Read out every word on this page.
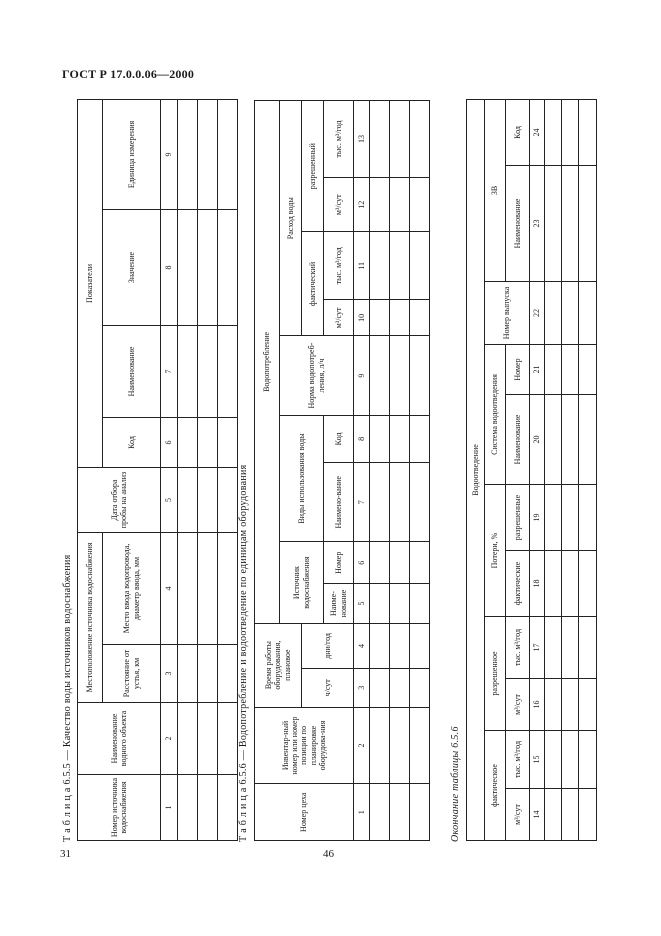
ГОСТ Р 17.0.0.06—2000
Т а б л и ц а 6.5.5 — Качество воды источников водоснабжения
Номер источника водоснабжения	Наименование водного объекта	Местоположение источника водоснабжения		Дата отбора пробы на анализ	Показатели			
		Расстояние от устья, км	Место ввода водопровода, диаметр ввода, мм		Код	Наименование	Значение	Единица измерения
1	2	3	4	5	6	7	8	9

Т а б л и ц а 6.5.6 — Водопотребление и водоотведение по единицам оборудования
Номер цеха	Инвентар-ный номер или номер позиции по планировке оборудова-ния	Время работы оборудования, плановое		Водопотребление								
				Источник водоснабжения		Виды использования воды		Норма водопотреб-ления, л/ч	Расход воды			
		ч/сут	дни/год						фактический		разрешенный	
				Наиме-нование	Номер	Наимено-вание	Код		м³/сут	тыс. м³/год	м³/сут	тыс. м³/год
1	2	3	4	5	6	7	8	9	10	11	12	13

Окончание таблицы 6.5.6
Водоотведение										
фактическое		разрешенное		Потери, %		Система водоотведения		Номер выпуска	ЗВ	
м³/сут	тыс. м³/год	м³/сут	тыс. м³/год	фактические	разрешенные	Наименование	Номер		Наименование	Код
14	15	16	17	18	19	20	21	22	23	24

31	46
